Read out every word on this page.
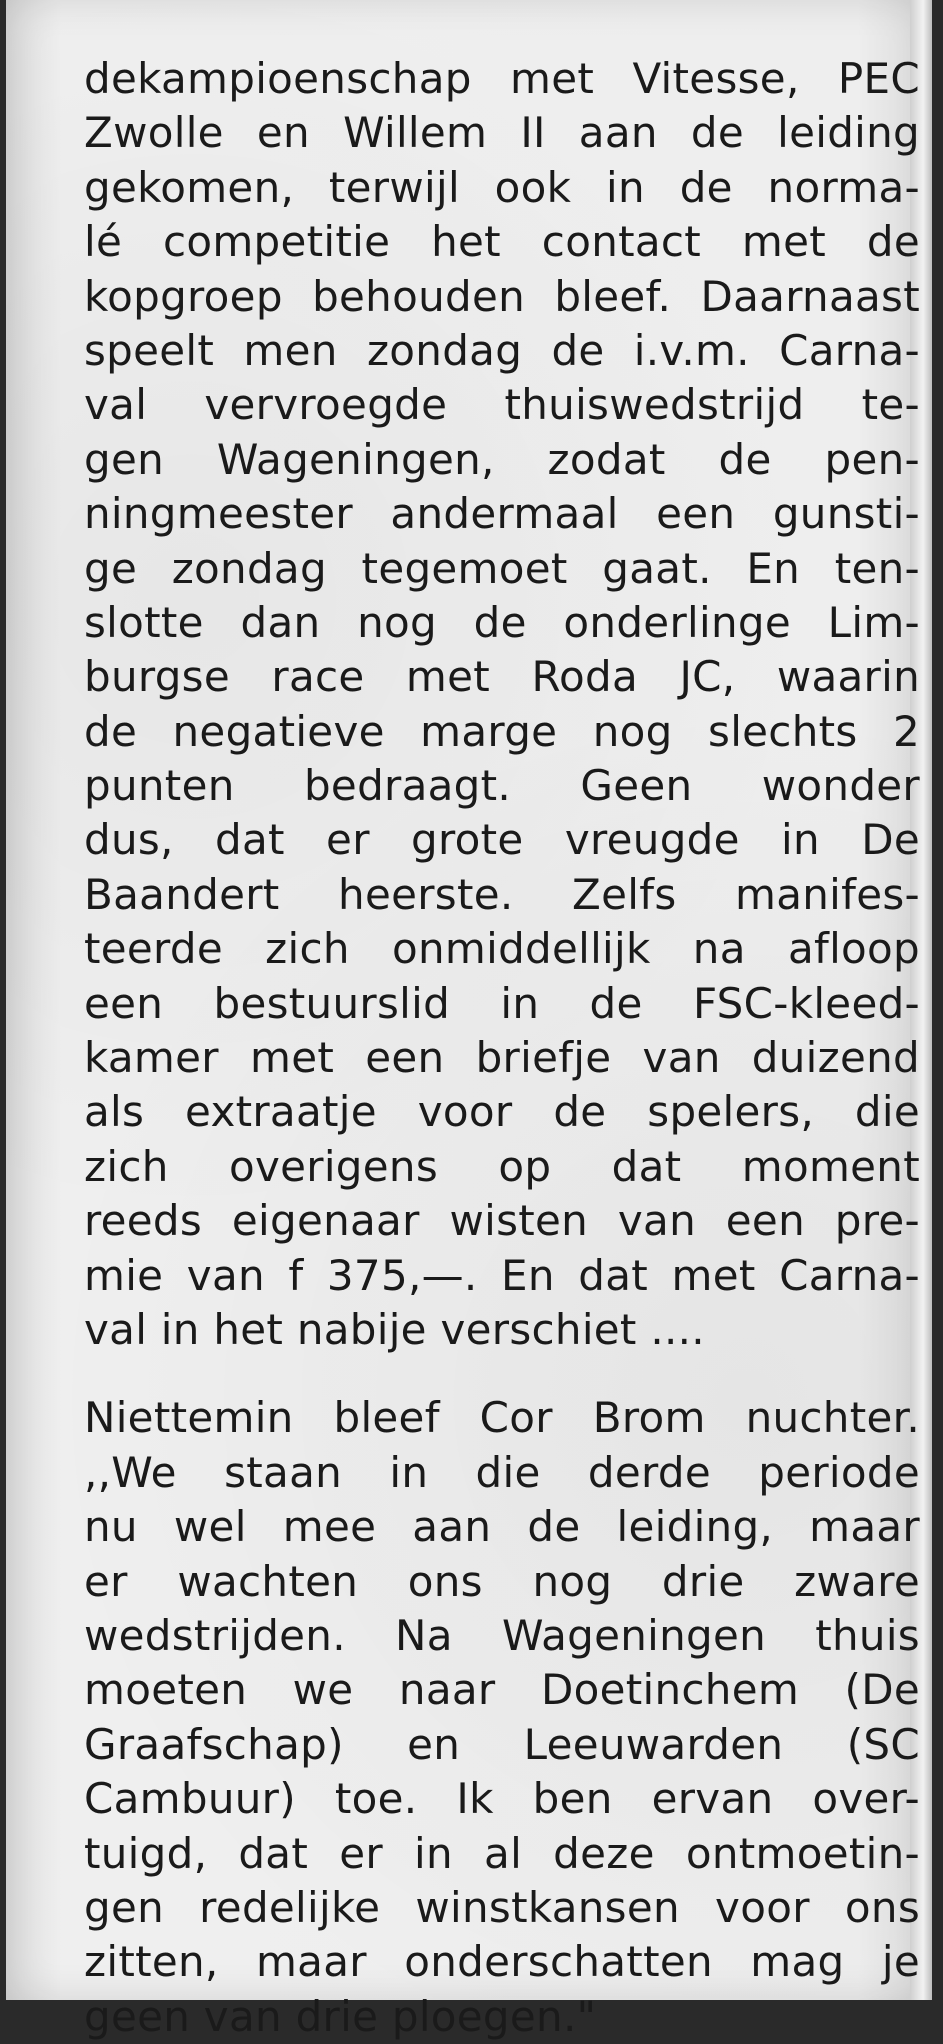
dekampioenschap met Vitesse, PEC
Zwolle en Willem II aan de leiding
gekomen, terwijl ook in de norma-
lé competitie het contact met de
kopgroep behouden bleef. Daarnaast
speelt men zondag de i.v.m. Carna-
val vervroegde thuiswedstrijd te-
gen Wageningen, zodat de pen-
ningmeester andermaal een gunsti-
ge zondag tegemoet gaat. En ten-
slotte dan nog de onderlinge Lim-
burgse race met Roda JC, waarin
de negatieve marge nog slechts 2
punten bedraagt. Geen wonder
dus, dat er grote vreugde in De
Baandert heerste. Zelfs manifes-
teerde zich onmiddellijk na afloop
een bestuurslid in de FSC-kleed-
kamer met een briefje van duizend
als extraatje voor de spelers, die
zich overigens op dat moment
reeds eigenaar wisten van een pre-
mie van f 375,—. En dat met Carna-
val in het nabije verschiet ....
Niettemin bleef Cor Brom nuchter.
,,We staan in die derde periode
nu wel mee aan de leiding, maar
er wachten ons nog drie zware
wedstrijden. Na Wageningen thuis
moeten we naar Doetinchem (De
Graafschap) en Leeuwarden (SC
Cambuur) toe. Ik ben ervan over-
tuigd, dat er in al deze ontmoetin-
gen redelijke winstkansen voor ons
zitten, maar onderschatten mag je
geen van drie ploegen."
